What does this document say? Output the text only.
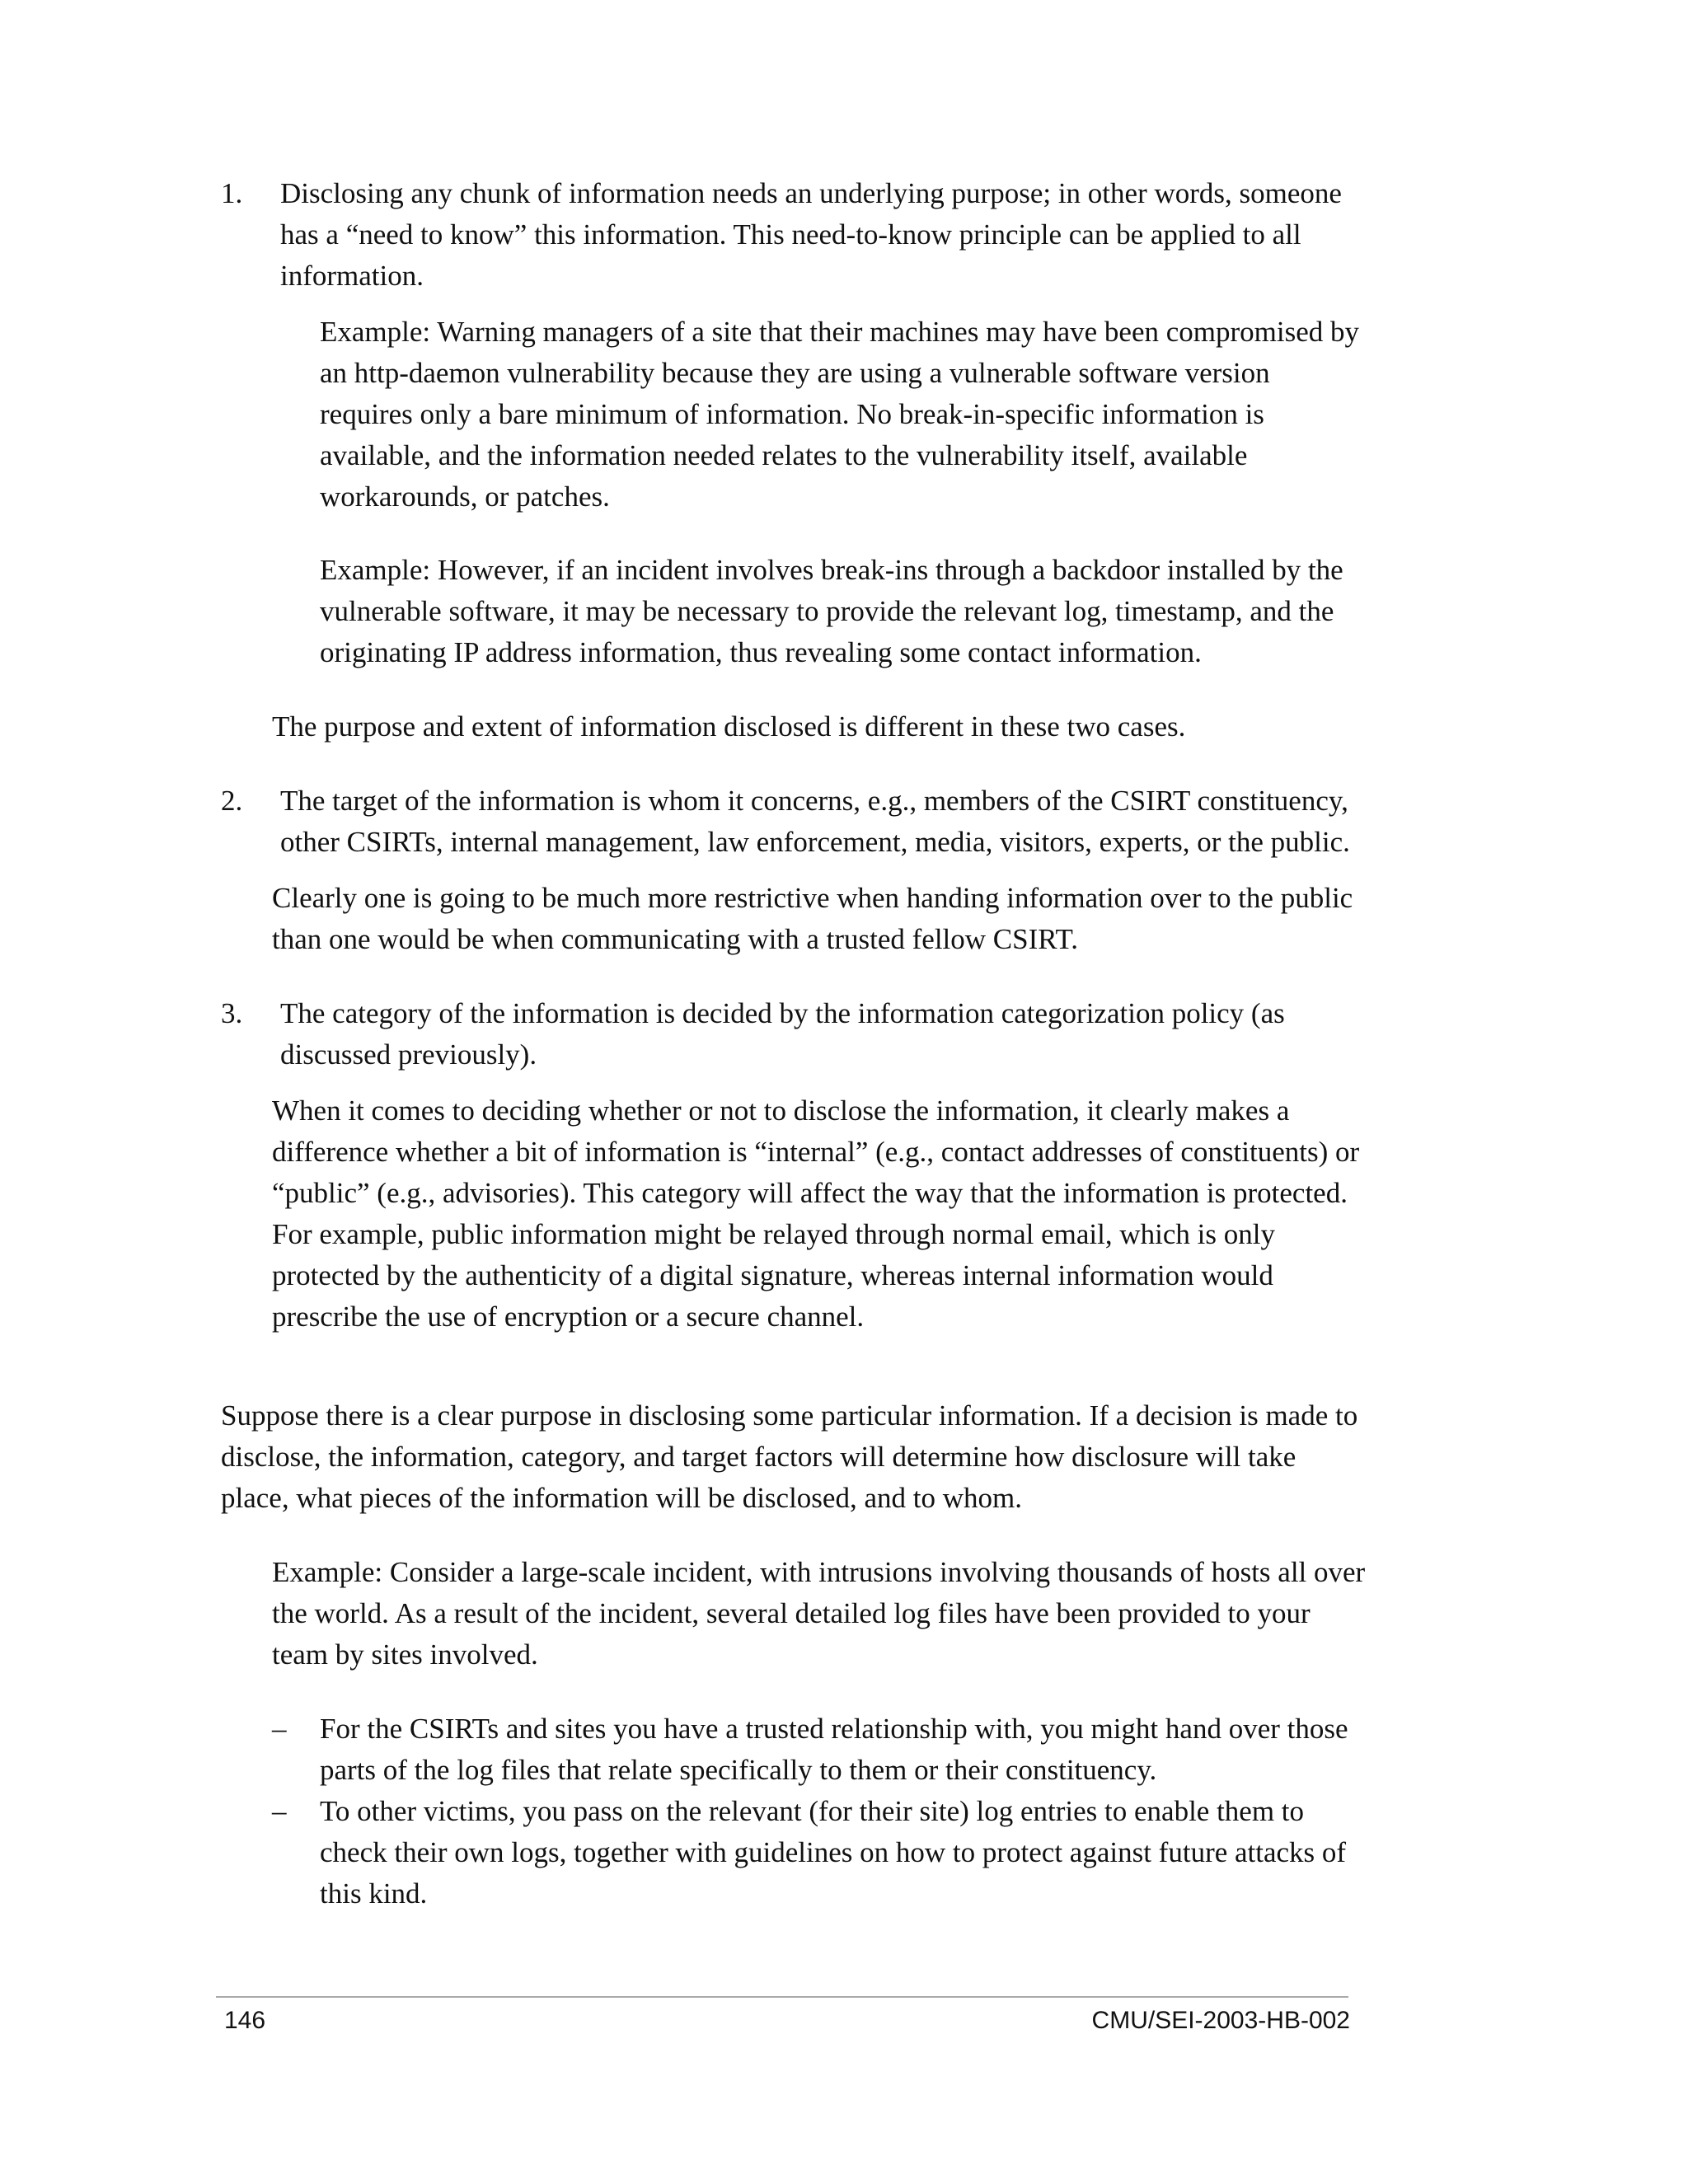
1. Disclosing any chunk of information needs an underlying purpose; in other words, someone has a “need to know” this information. This need-to-know principle can be applied to all information.

Example: Warning managers of a site that their machines may have been compromised by an http-daemon vulnerability because they are using a vulnerable software version requires only a bare minimum of information. No break-in-specific information is available, and the information needed relates to the vulnerability itself, available workarounds, or patches.

Example: However, if an incident involves break-ins through a backdoor installed by the vulnerable software, it may be necessary to provide the relevant log, timestamp, and the originating IP address information, thus revealing some contact information.

The purpose and extent of information disclosed is different in these two cases.

2. The target of the information is whom it concerns, e.g., members of the CSIRT constituency, other CSIRTs, internal management, law enforcement, media, visitors, experts, or the public.

Clearly one is going to be much more restrictive when handing information over to the public than one would be when communicating with a trusted fellow CSIRT.

3. The category of the information is decided by the information categorization policy (as discussed previously).

When it comes to deciding whether or not to disclose the information, it clearly makes a difference whether a bit of information is “internal” (e.g., contact addresses of constituents) or “public” (e.g., advisories). This category will affect the way that the information is protected. For example, public information might be relayed through normal email, which is only protected by the authenticity of a digital signature, whereas internal information would prescribe the use of encryption or a secure channel.

Suppose there is a clear purpose in disclosing some particular information. If a decision is made to disclose, the information, category, and target factors will determine how disclosure will take place, what pieces of the information will be disclosed, and to whom.

Example: Consider a large-scale incident, with intrusions involving thousands of hosts all over the world. As a result of the incident, several detailed log files have been provided to your team by sites involved.

– For the CSIRTs and sites you have a trusted relationship with, you might hand over those parts of the log files that relate specifically to them or their constituency.
– To other victims, you pass on the relevant (for their site) log entries to enable them to check their own logs, together with guidelines on how to protect against future attacks of this kind.
146	CMU/SEI-2003-HB-002
